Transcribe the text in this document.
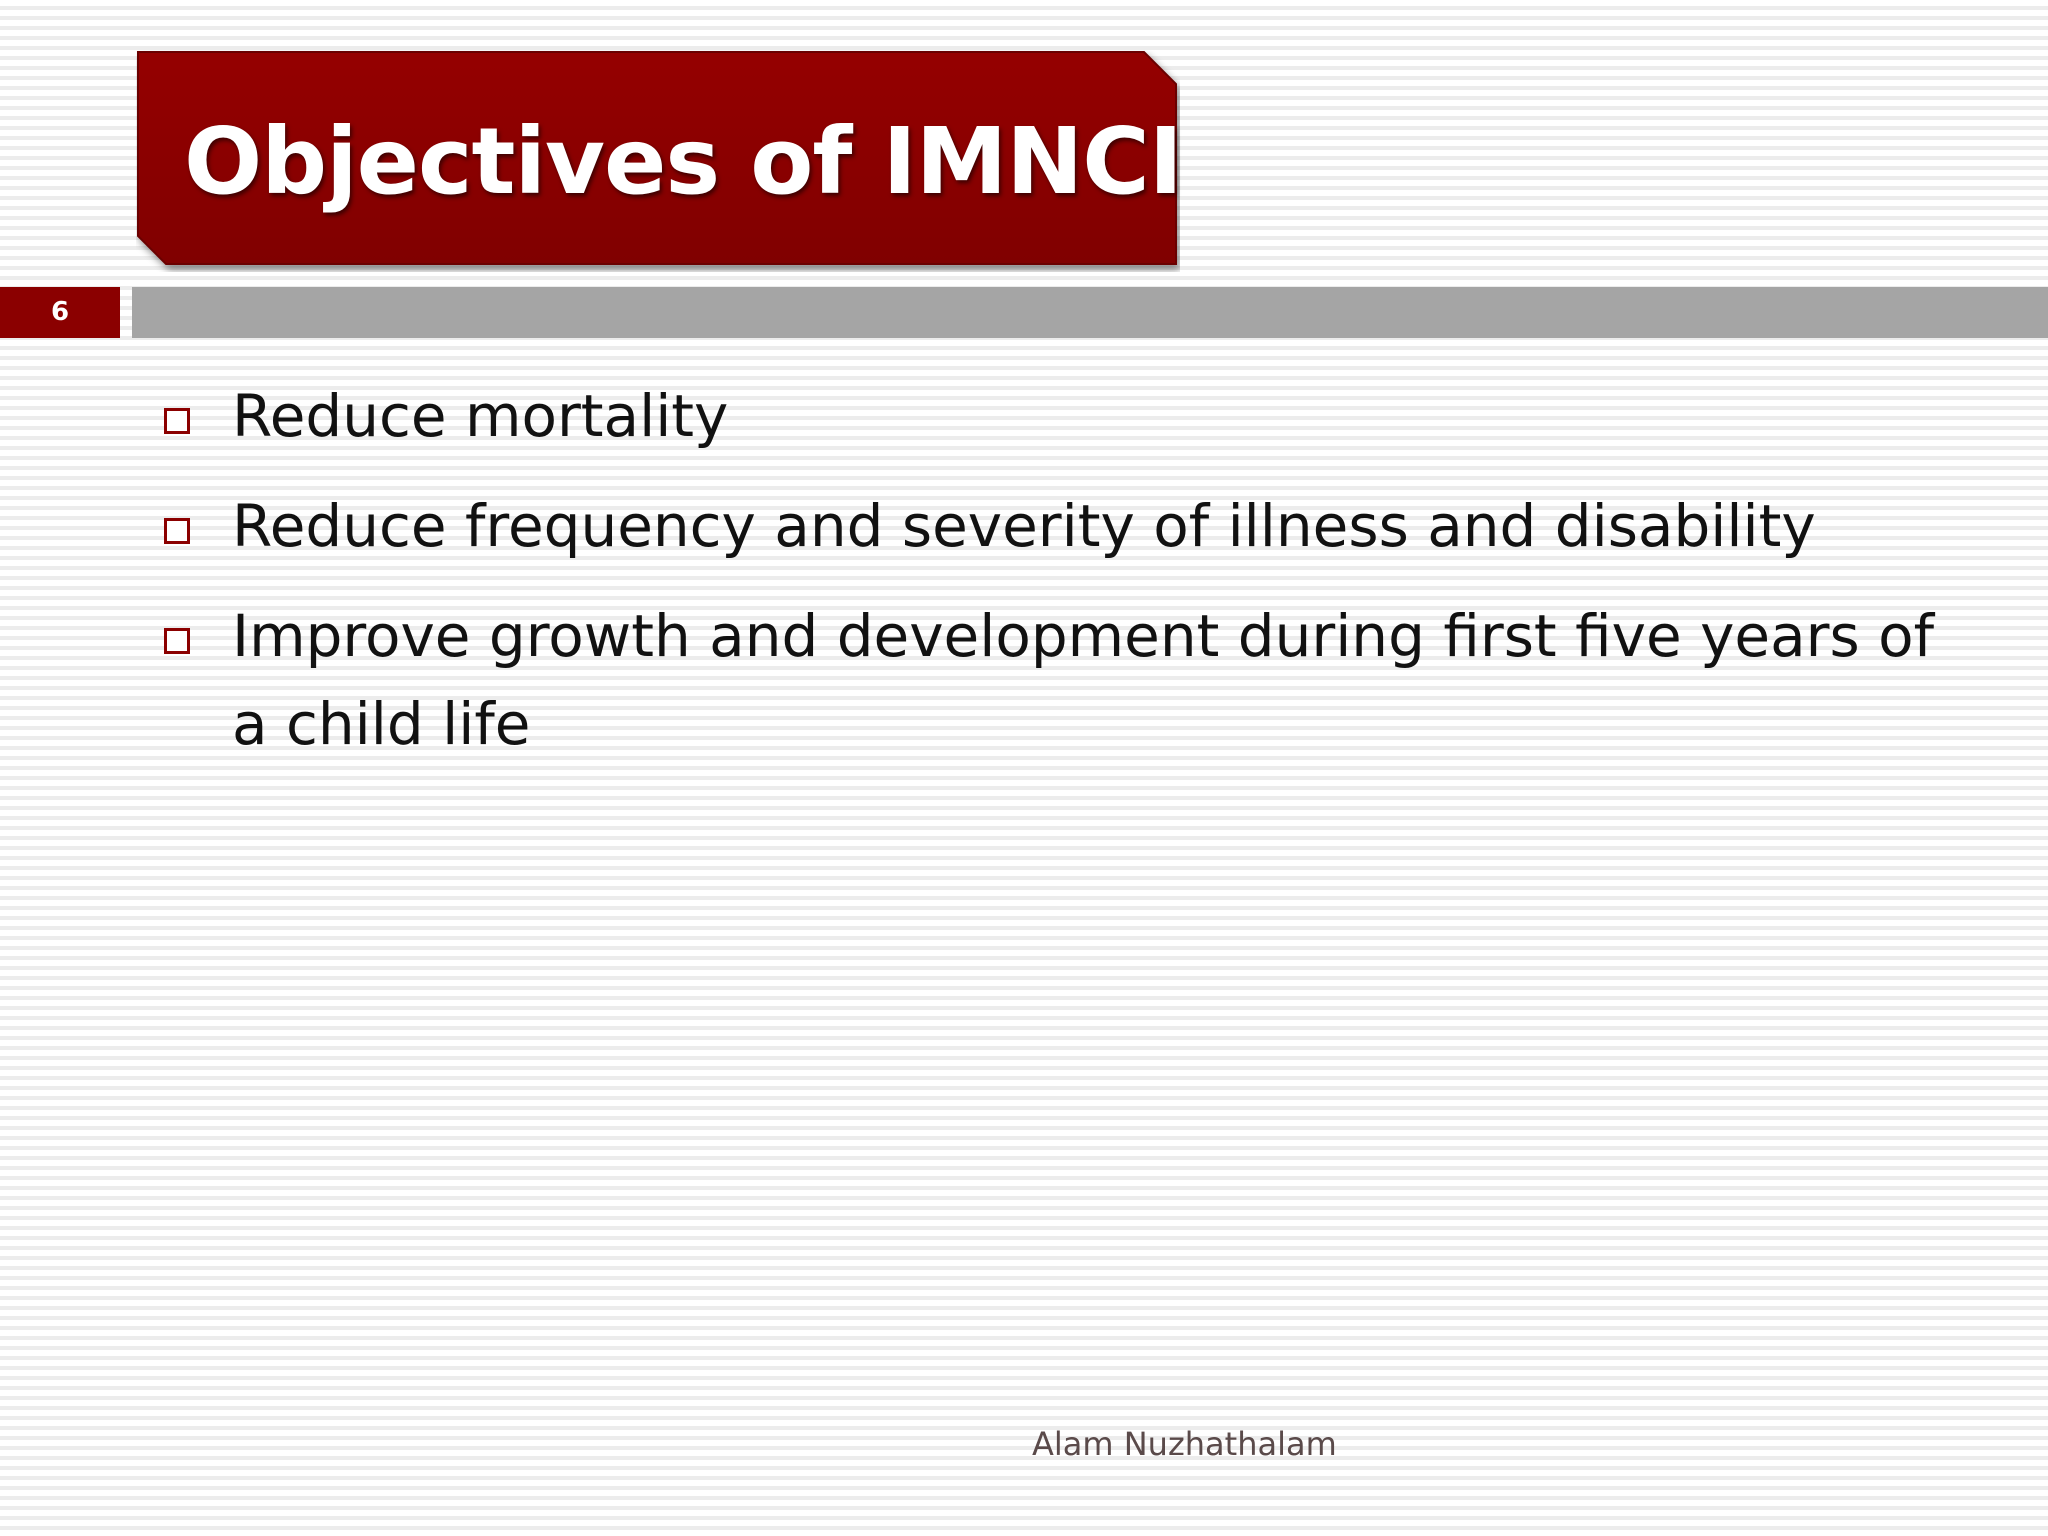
Objectives of IMNCI
6
Reduce mortality
Reduce frequency and severity of illness and disability
Improve growth and development during first five years of a child life
Alam Nuzhathalam
